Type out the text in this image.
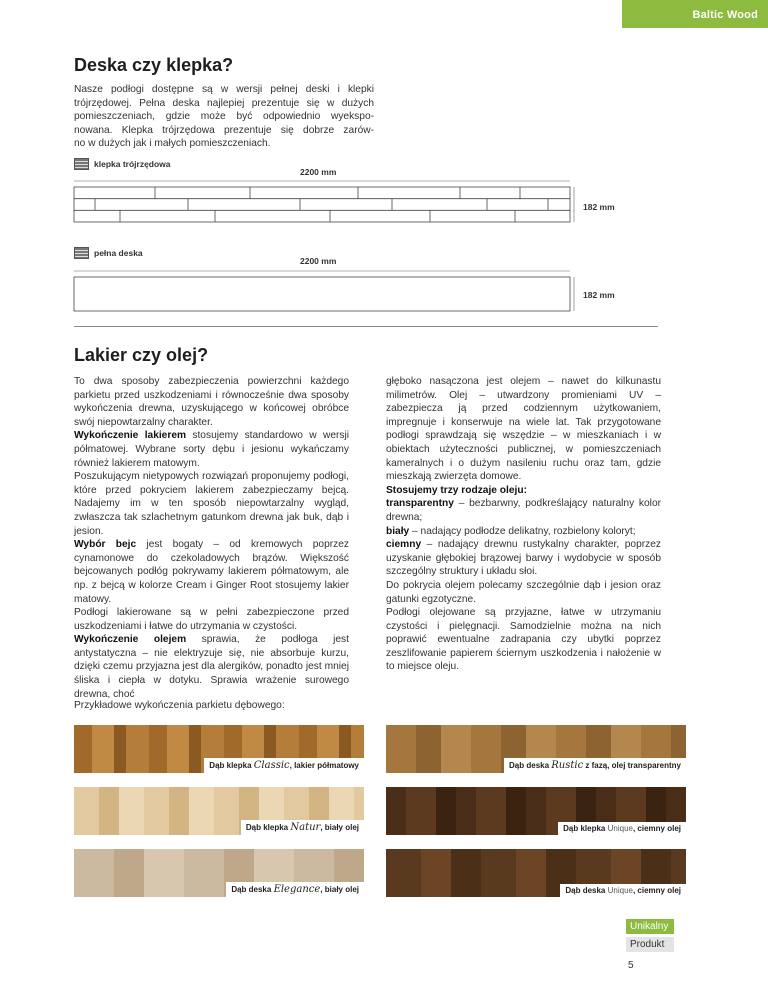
Baltic Wood
Deska czy klepka?
Nasze podłogi dostępne są w wersji pełnej deski i klepki
trójrzędowej. Pełna deska najlepiej prezentuje się w dużych
pomieszczeniach, gdzie może być odpowiednio wyekspo-
nowana. Klepka trójrzędowa prezentuje się dobrze zarów-
no w dużych jak i małych pomieszczeniach.
klepka trójrzędowa
2200 mm
182 mm
pełna deska
2200 mm
182 mm
Lakier czy olej?

To dwa sposoby zabezpieczenia powierzchni każdego parkietu przed uszkodzeniami i równocześnie dwa sposoby wykończenia drewna, uzyskującego w końcowej obróbce swój niepowtarzalny charakter.

Wykończenie lakierem stosujemy standardowo w wersji półmatowej. Wybrane sorty dębu i jesionu wykańczamy również lakierem matowym.

Poszukującym nietypowych rozwiązań proponujemy podłogi, które przed pokryciem lakierem zabezpieczamy bejcą. Nadajemy im w ten sposób niepowtarzalny wygląd, zwłaszcza tak szlachetnym gatunkom drewna jak buk, dąb i jesion.

Wybór bejc jest bogaty – od kremowych poprzez cynamonowe do czekoladowych brązów. Większość bejcowanych podłóg pokrywamy lakierem półmatowym, ale np. z bejcą w kolorze Cream i Ginger Root stosujemy lakier matowy.

Podłogi lakierowane są w pełni zabezpieczone przed uszkodzeniami i łatwe do utrzymania w czystości.

Wykończenie olejem sprawia, że podłoga jest antystatyczna – nie elektryzuje się, nie absorbuje kurzu, dzięki czemu przyjazna jest dla alergików, ponadto jest mniej śliska i ciepła w dotyku. Sprawia wrażenie surowego drewna, choć

głęboko nasączona jest olejem – nawet do kilkunastu milimetrów. Olej – utwardzony promieniami UV – zabezpiecza ją przed codziennym użytkowaniem, impregnuje i konserwuje na wiele lat. Tak przygotowane podłogi sprawdzają się wszędzie – w mieszkaniach i w obiektach użyteczności publicznej, w pomieszczeniach kameralnych i o dużym nasileniu ruchu oraz tam, gdzie mieszkają zwierzęta domowe.

Stosujemy trzy rodzaje oleju:

transparentny – bezbarwny, podkreślający naturalny kolor drewna;

biały – nadający podłodze delikatny, rozbielony koloryt;

ciemny – nadający drewnu rustykalny charakter, poprzez uzyskanie głębokiej brązowej barwy i wydobycie w sposób szczególny struktury i układu słoi.

Do pokrycia olejem polecamy szczególnie dąb i jesion oraz gatunki egzotyczne.

Podłogi olejowane są przyjazne, łatwe w utrzymaniu czystości i pielęgnacji. Samodzielnie można na nich poprawić ewentualne zadrapania czy ubytki poprzez zeszlifowanie papierem ściernym uszkodzenia i nałożenie w to miejsce oleju.

Przykładowe wykończenia parkietu dębowego:
Dąb klepka Classic, lakier półmatowy	Dąb deska Rustic z fazą, olej transparentny
Dąb klepka Natur, biały olej	Dąb klepka Unique, ciemny olej
Dąb deska Elegance, biały olej	Dąb deska Unique, ciemny olej
Unikalny
Produkt
5
